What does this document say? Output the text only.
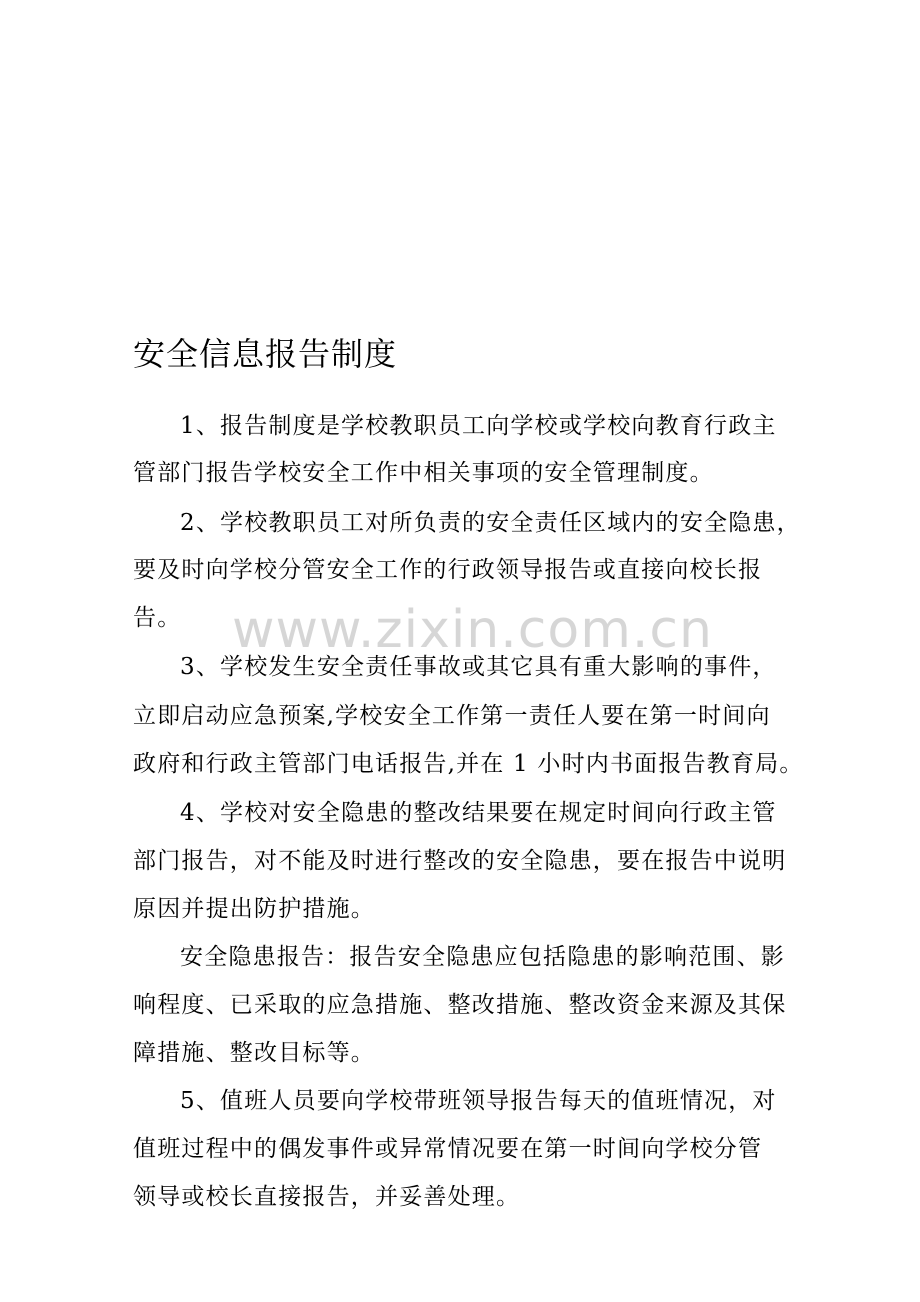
www.zixin.com.cn
安全信息报告制度
1、报告制度是学校教职员工向学校或学校向教育行政主
管部门报告学校安全工作中相关事项的安全管理制度。
2、学校教职员工对所负责的安全责任区域内的安全隐患，
要及时向学校分管安全工作的行政领导报告或直接向校长报
告。
3、学校发生安全责任事故或其它具有重大影响的事件，
立即启动应急预案,学校安全工作第一责任人要在第一时间向
政府和行政主管部门电话报告,并在 1 小时内书面报告教育局。
4、学校对安全隐患的整改结果要在规定时间向行政主管
部门报告，对不能及时进行整改的安全隐患，要在报告中说明
原因并提出防护措施。
安全隐患报告：报告安全隐患应包括隐患的影响范围、影
响程度、已采取的应急措施、整改措施、整改资金来源及其保
障措施、整改目标等。
5、值班人员要向学校带班领导报告每天的值班情况，对
值班过程中的偶发事件或异常情况要在第一时间向学校分管
领导或校长直接报告，并妥善处理。
